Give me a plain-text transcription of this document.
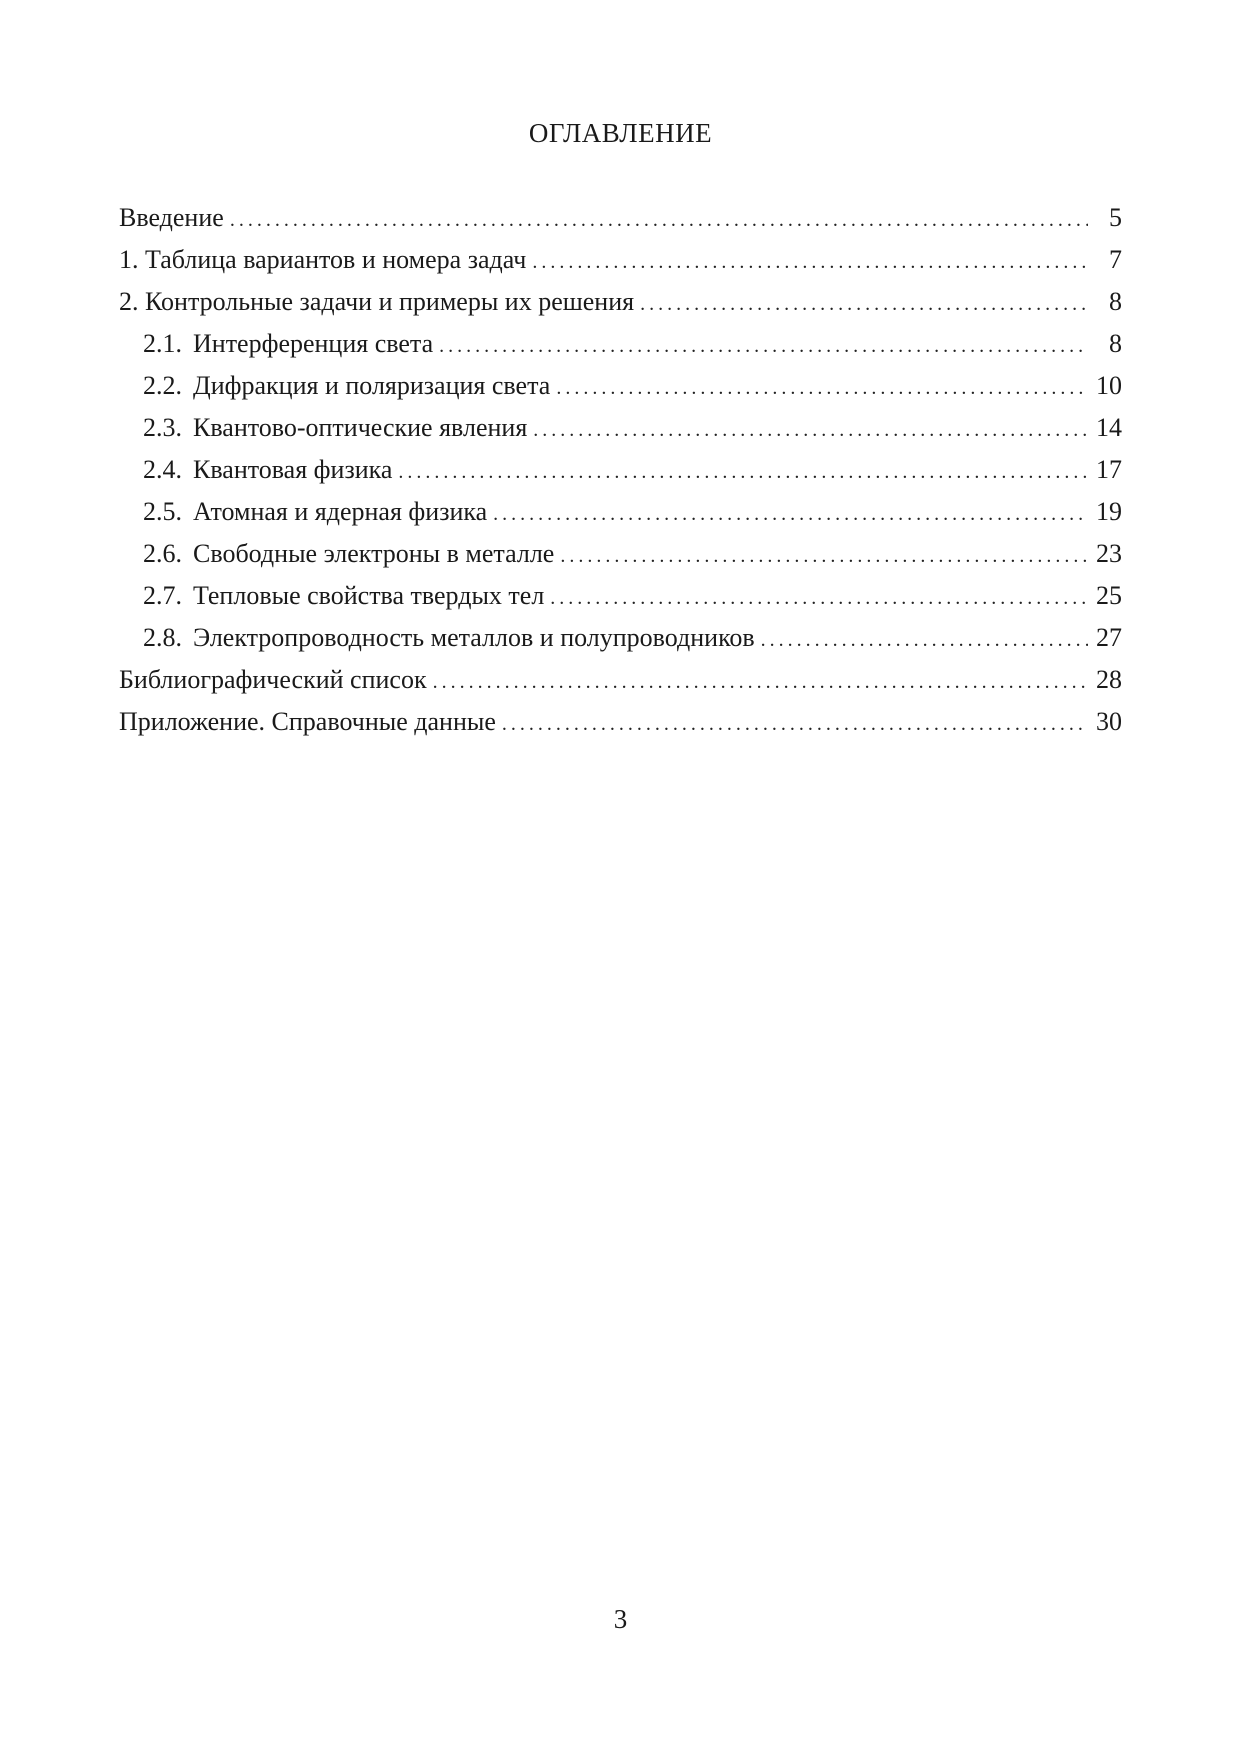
ОГЛАВЛЕНИЕ
Введение . . .	5
1. Таблица вариантов и номера задач . . .	7
2. Контрольные задачи и примеры их решения . . .	8
2.1. Интерференция света . . .	8
2.2. Дифракция и поляризация света . . .	10
2.3. Квантово-оптические явления . . .	14
2.4. Квантовая физика . . .	17
2.5. Атомная и ядерная физика . . .	19
2.6. Свободные электроны в металле . . .	23
2.7. Тепловые свойства твердых тел . . .	25
2.8. Электропроводность металлов и полупроводников . . .	27
Библиографический список . . .	28
Приложение. Справочные данные . . .	30
3
